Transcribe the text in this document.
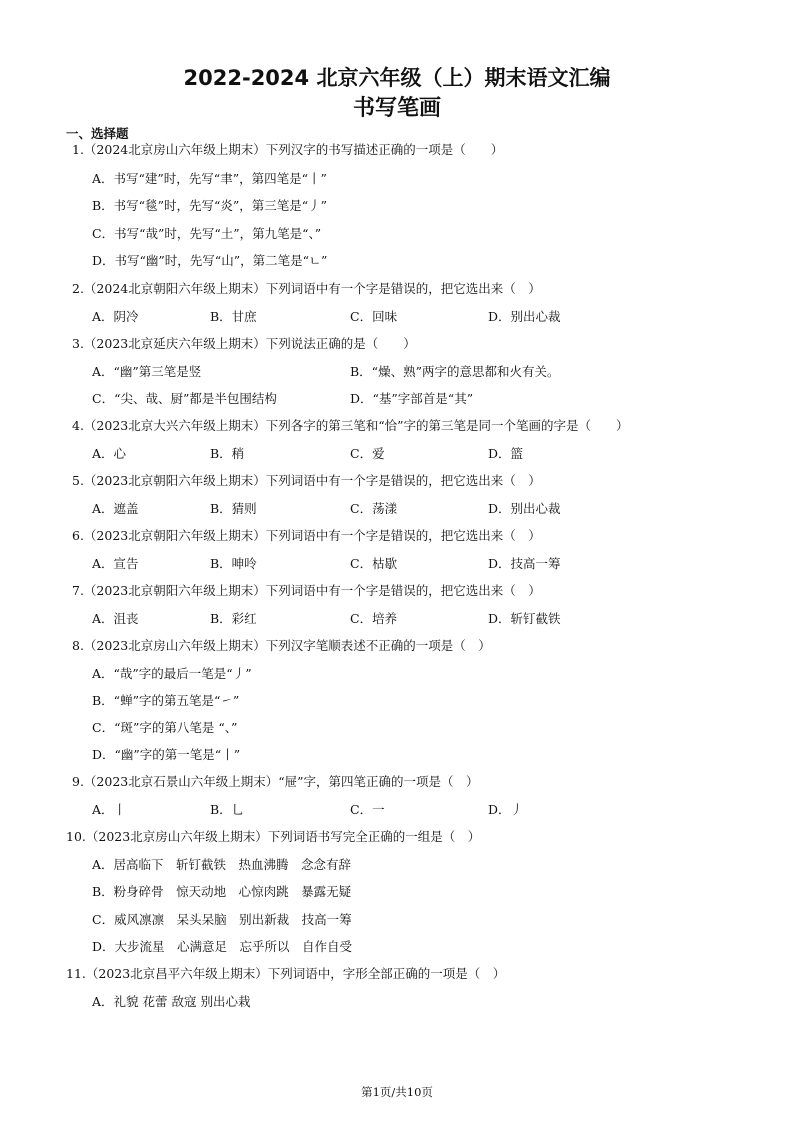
2022-2024 北京六年级（上）期末语文汇编
书写笔画
一、选择题
1.（2024北京房山六年级上期末）下列汉字的书写描述正确的一项是（　　）
A．书写“建”时，先写“聿”，第四笔是“丨”
B．书写“毯”时，先写“炎”，第三笔是“丿”
C．书写“哉”时，先写“土”，第九笔是“、”
D．书写“幽”时，先写“山”，第二笔是“ㄴ”
2.（2024北京朝阳六年级上期末）下列词语中有一个字是错误的，把它选出来（　）
A．阴冷	B．甘庶	C．回味	D．别出心裁
3.（2023北京延庆六年级上期末）下列说法正确的是（　　）
A．“幽”第三笔是竖	B．“燥、熟”两字的意思都和火有关。
C．“尖、哉、厨”都是半包围结构	D．“基”字部首是“其”
4.（2023北京大兴六年级上期末）下列各字的第三笔和“恰”字的第三笔是同一个笔画的字是（　　）
A．心	B．稍	C．爱	D．篮
5.（2023北京朝阳六年级上期末）下列词语中有一个字是错误的，把它选出来（　）
A．遮盖	B．猜则	C．荡漾	D．别出心裁
6.（2023北京朝阳六年级上期末）下列词语中有一个字是错误的，把它选出来（　）
A．宣告	B．呻呤	C．枯歇	D．技高一筹
7.（2023北京朝阳六年级上期末）下列词语中有一个字是错误的，把它选出来（　）
A．沮丧	B．彩红	C．培养	D．斩钉截铁
8.（2023北京房山六年级上期末）下列汉字笔顺表述不正确的一项是（　）
A．“哉”字的最后一笔是“丿”
B．“蝉”字的第五笔是“㇀”
C．“斑”字的第八笔是 “、”
D．“幽”字的第一笔是“丨”
9.（2023北京石景山六年级上期末）“屉”字，第四笔正确的一项是（　）
A．丨	B．乚	C．一	D．丿
10.（2023北京房山六年级上期末）下列词语书写完全正确的一组是（　）
A．居高临下　斩钉截铁　热血沸腾　念念有辞
B．粉身碎骨　惊天动地　心惊肉跳　暴露无疑
C．威风凛凛　呆头呆脑　别出新裁　技高一筹
D．大步流星　心满意足　忘乎所以　自作自受
11.（2023北京昌平六年级上期末）下列词语中，字形全部正确的一项是（　）
A．礼貌 花蕾 敌寇 别出心栽
第1页/共10页
